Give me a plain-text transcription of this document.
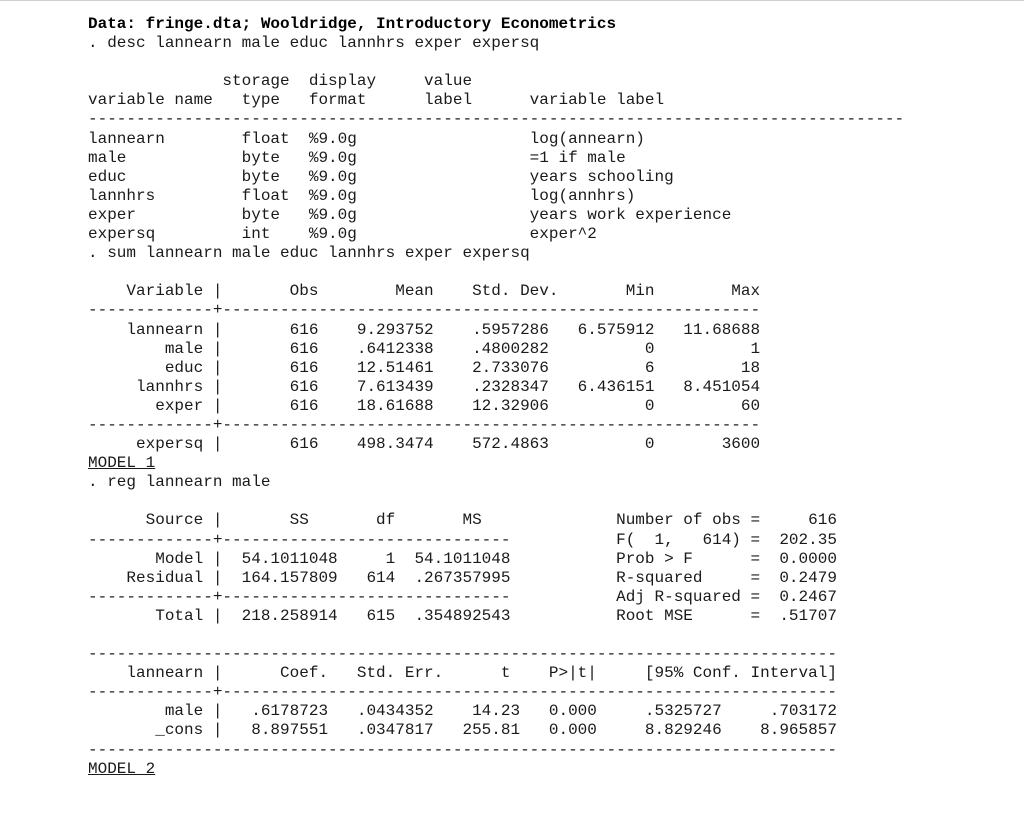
Data: fringe.dta; Wooldridge, Introductory Econometrics
. desc lannearn male educ lannhrs exper expersq

storage  display     value
variable name   type   format      label      variable label
-------------------------------------------------------------------------------------
lannearn        float  %9.0g                  log(annearn)
male            byte   %9.0g                  =1 if male
educ            byte   %9.0g                  years schooling
lannhrs         float  %9.0g                  log(annhrs)
exper           byte   %9.0g                  years work experience
expersq         int    %9.0g                  exper^2

. sum lannearn male educ lannhrs exper expersq

Variable |       Obs        Mean    Std. Dev.       Min        Max
-------------+--------------------------------------------------------
lannearn |       616    9.293752    .5957286   6.575912   11.68688
male |       616    .6412338    .4800282          0          1
educ |       616    12.51461    2.733076          6         18
lannhrs |       616    7.613439    .2328347   6.436151   8.451054
exper |       616    18.61688    12.32906          0         60
-------------+--------------------------------------------------------
expersq |       616    498.3474    572.4863          0       3600

MODEL 1
. reg lannearn male

Source |       SS       df       MS              Number of obs =     616
-------------+------------------------------           F(  1,   614) =  202.35
Model |  54.1011048     1  54.1011048           Prob > F      =  0.0000
Residual |  164.157809   614  .267357995           R-squared     =  0.2479
-------------+------------------------------           Adj R-squared =  0.2467
Total |  218.258914   615  .354892543           Root MSE      =  .51707

------------------------------------------------------------------------------
lannearn |      Coef.   Std. Err.      t    P>|t|     [95% Conf. Interval]
-------------+----------------------------------------------------------------
male |   .6178723   .0434352    14.23   0.000     .5325727     .703172
_cons |   8.897551   .0347817   255.81   0.000     8.829246    8.965857
------------------------------------------------------------------------------

MODEL 2
